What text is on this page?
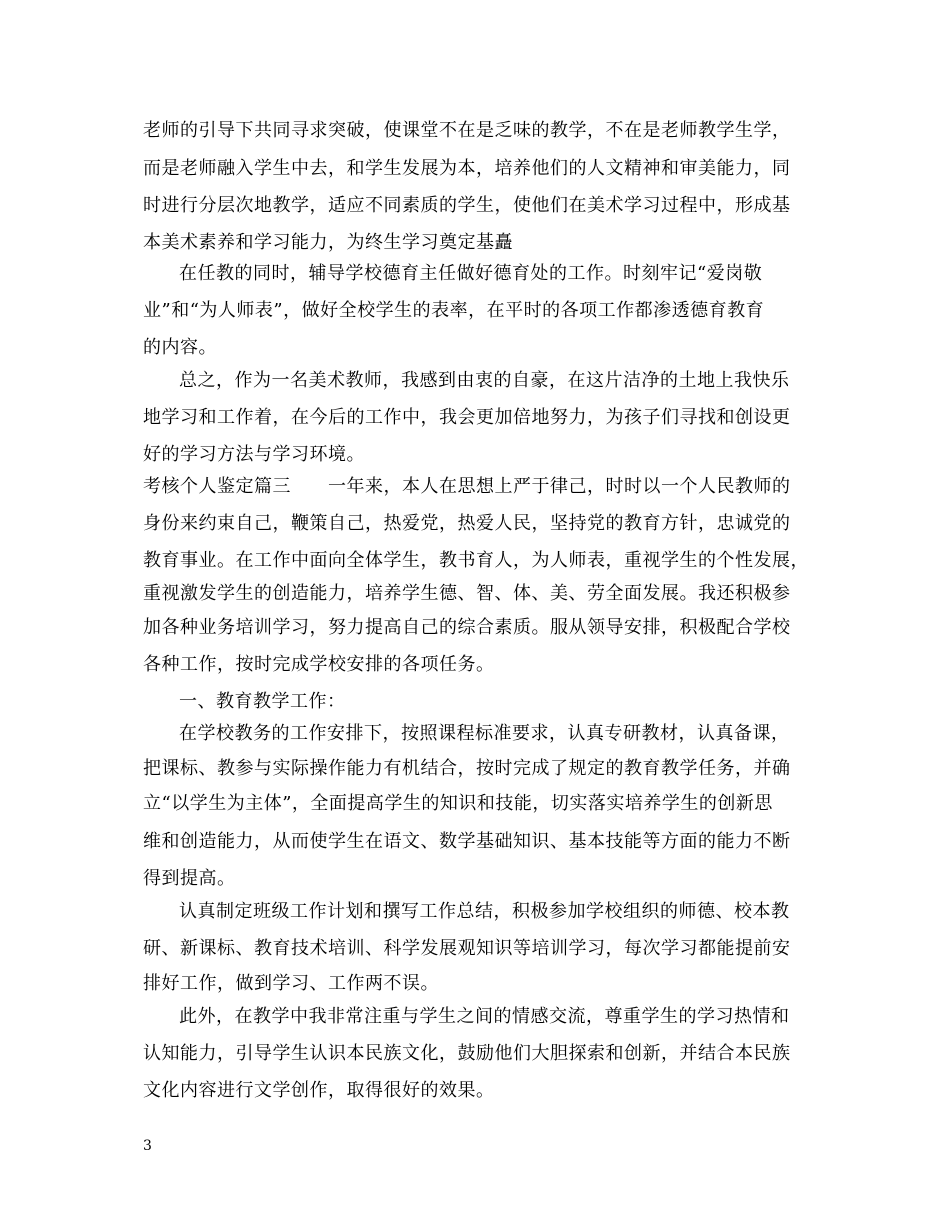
老师的引导下共同寻求突破，使课堂不在是乏味的教学，不在是老师教学生学，
而是老师融入学生中去，和学生发展为本，培养他们的人文精神和审美能力，同
时进行分层次地教学，适应不同素质的学生，使他们在美术学习过程中，形成基
本美术素养和学习能力，为终生学习奠定基矗
在任教的同时，辅导学校德育主任做好德育处的工作。时刻牢记“爱岗敬
业”和“为人师表”，做好全校学生的表率，在平时的各项工作都渗透德育教育
的内容。
总之，作为一名美术教师，我感到由衷的自豪，在这片洁净的土地上我快乐
地学习和工作着，在今后的工作中，我会更加倍地努力，为孩子们寻找和创设更
好的学习方法与学习环境。
考核个人鉴定篇三　　一年来，本人在思想上严于律己，时时以一个人民教师的
身份来约束自己，鞭策自己，热爱党，热爱人民，坚持党的教育方针，忠诚党的
教育事业。在工作中面向全体学生，教书育人，为人师表，重视学生的个性发展，
重视激发学生的创造能力，培养学生德、智、体、美、劳全面发展。我还积极参
加各种业务培训学习，努力提高自己的综合素质。服从领导安排，积极配合学校
各种工作，按时完成学校安排的各项任务。
一、教育教学工作：
在学校教务的工作安排下，按照课程标准要求，认真专研教材，认真备课，
把课标、教参与实际操作能力有机结合，按时完成了规定的教育教学任务，并确
立“以学生为主体”，全面提高学生的知识和技能，切实落实培养学生的创新思
维和创造能力，从而使学生在语文、数学基础知识、基本技能等方面的能力不断
得到提高。
认真制定班级工作计划和撰写工作总结，积极参加学校组织的师德、校本教
研、新课标、教育技术培训、科学发展观知识等培训学习，每次学习都能提前安
排好工作，做到学习、工作两不误。
此外，在教学中我非常注重与学生之间的情感交流，尊重学生的学习热情和
认知能力，引导学生认识本民族文化，鼓励他们大胆探索和创新，并结合本民族
文化内容进行文学创作，取得很好的效果。
3
